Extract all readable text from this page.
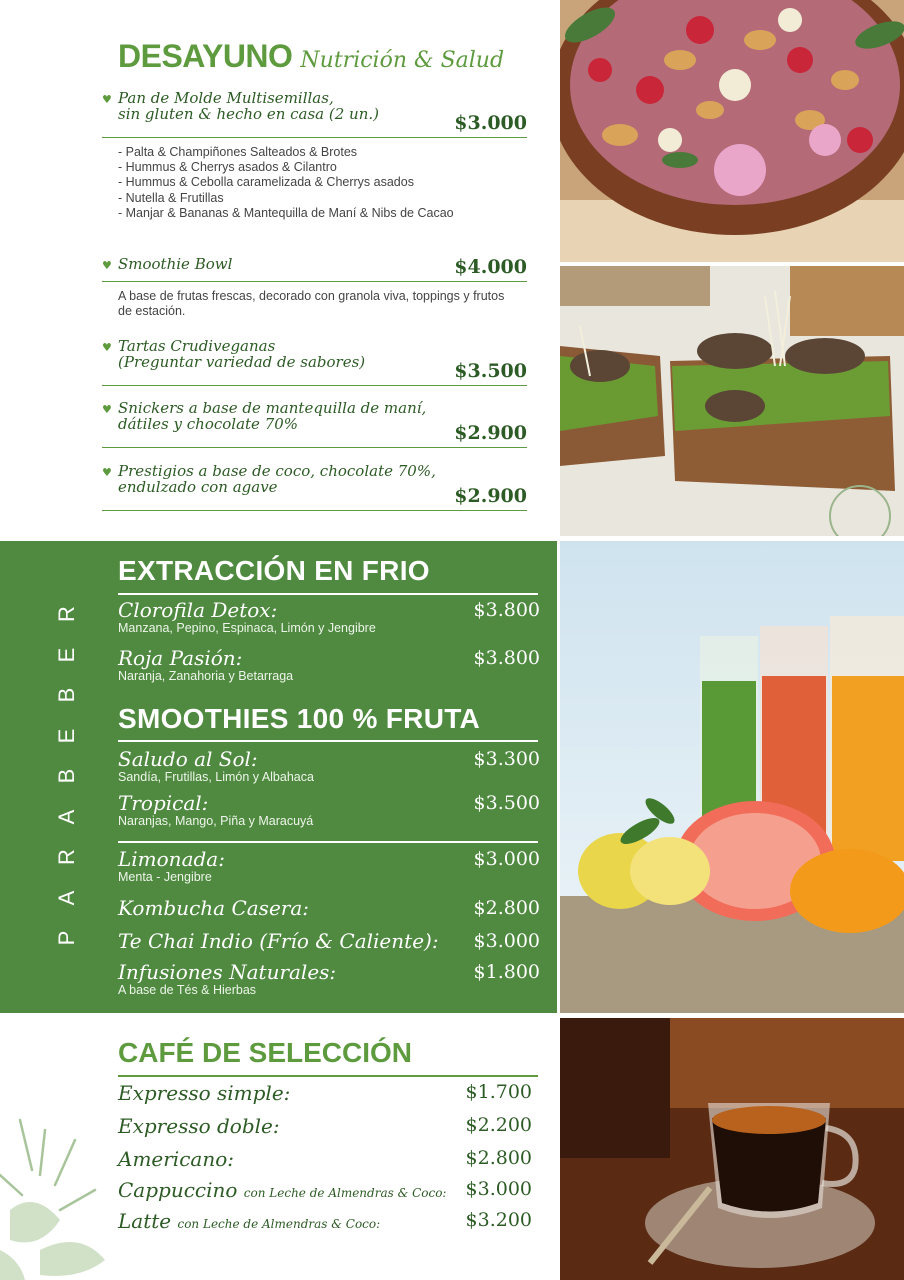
DESAYUNO Nutrición & Salud
♥ Pan de Molde Multisemillas,
sin gluten & hecho en casa (2 un.)	$3.000
- Palta & Champiñones Salteados & Brotes
- Hummus & Cherrys asados & Cilantro
- Hummus & Cebolla caramelizada & Cherrys asados
- Nutella & Frutillas
- Manjar & Bananas & Mantequilla de Maní & Nibs de Cacao
♥ Smoothie Bowl	$4.000
A base de frutas frescas, decorado con granola viva, toppings y frutos de estación.
♥ Tartas Crudiveganas
(Preguntar variedad de sabores)	$3.500
♥ Snickers a base de mantequilla de maní,
dátiles y chocolate 70%	$2.900
♥ Prestigios a base de coco, chocolate 70%,
endulzado con agave	$2.900
R
E
B
E
B
A
R
A
P
EXTRACCIÓN EN FRIO
Clorofila Detox:
Manzana, Pepino, Espinaca, Limón y Jengibre
$3.800
Roja Pasión:
Naranja, Zanahoria y Betarraga
$3.800
SMOOTHIES 100 % FRUTA
Saludo al Sol:
Sandía, Frutillas, Limón y Albahaca
$3.300
Tropical:
Naranjas, Mango, Piña y Maracuyá
$3.500
Limonada:
Menta - Jengibre
$3.000
Kombucha Casera:	$2.800
Te Chai Indio (Frío & Caliente):	$3.000
Infusiones Naturales:
A base de Tés & Hierbas
$1.800
CAFÉ DE SELECCIÓN
Expresso simple:	$1.700
Expresso doble:	$2.200
Americano:	$2.800
Cappuccino con Leche de Almendras & Coco: $3.000
Latte con Leche de Almendras & Coco:	$3.200
